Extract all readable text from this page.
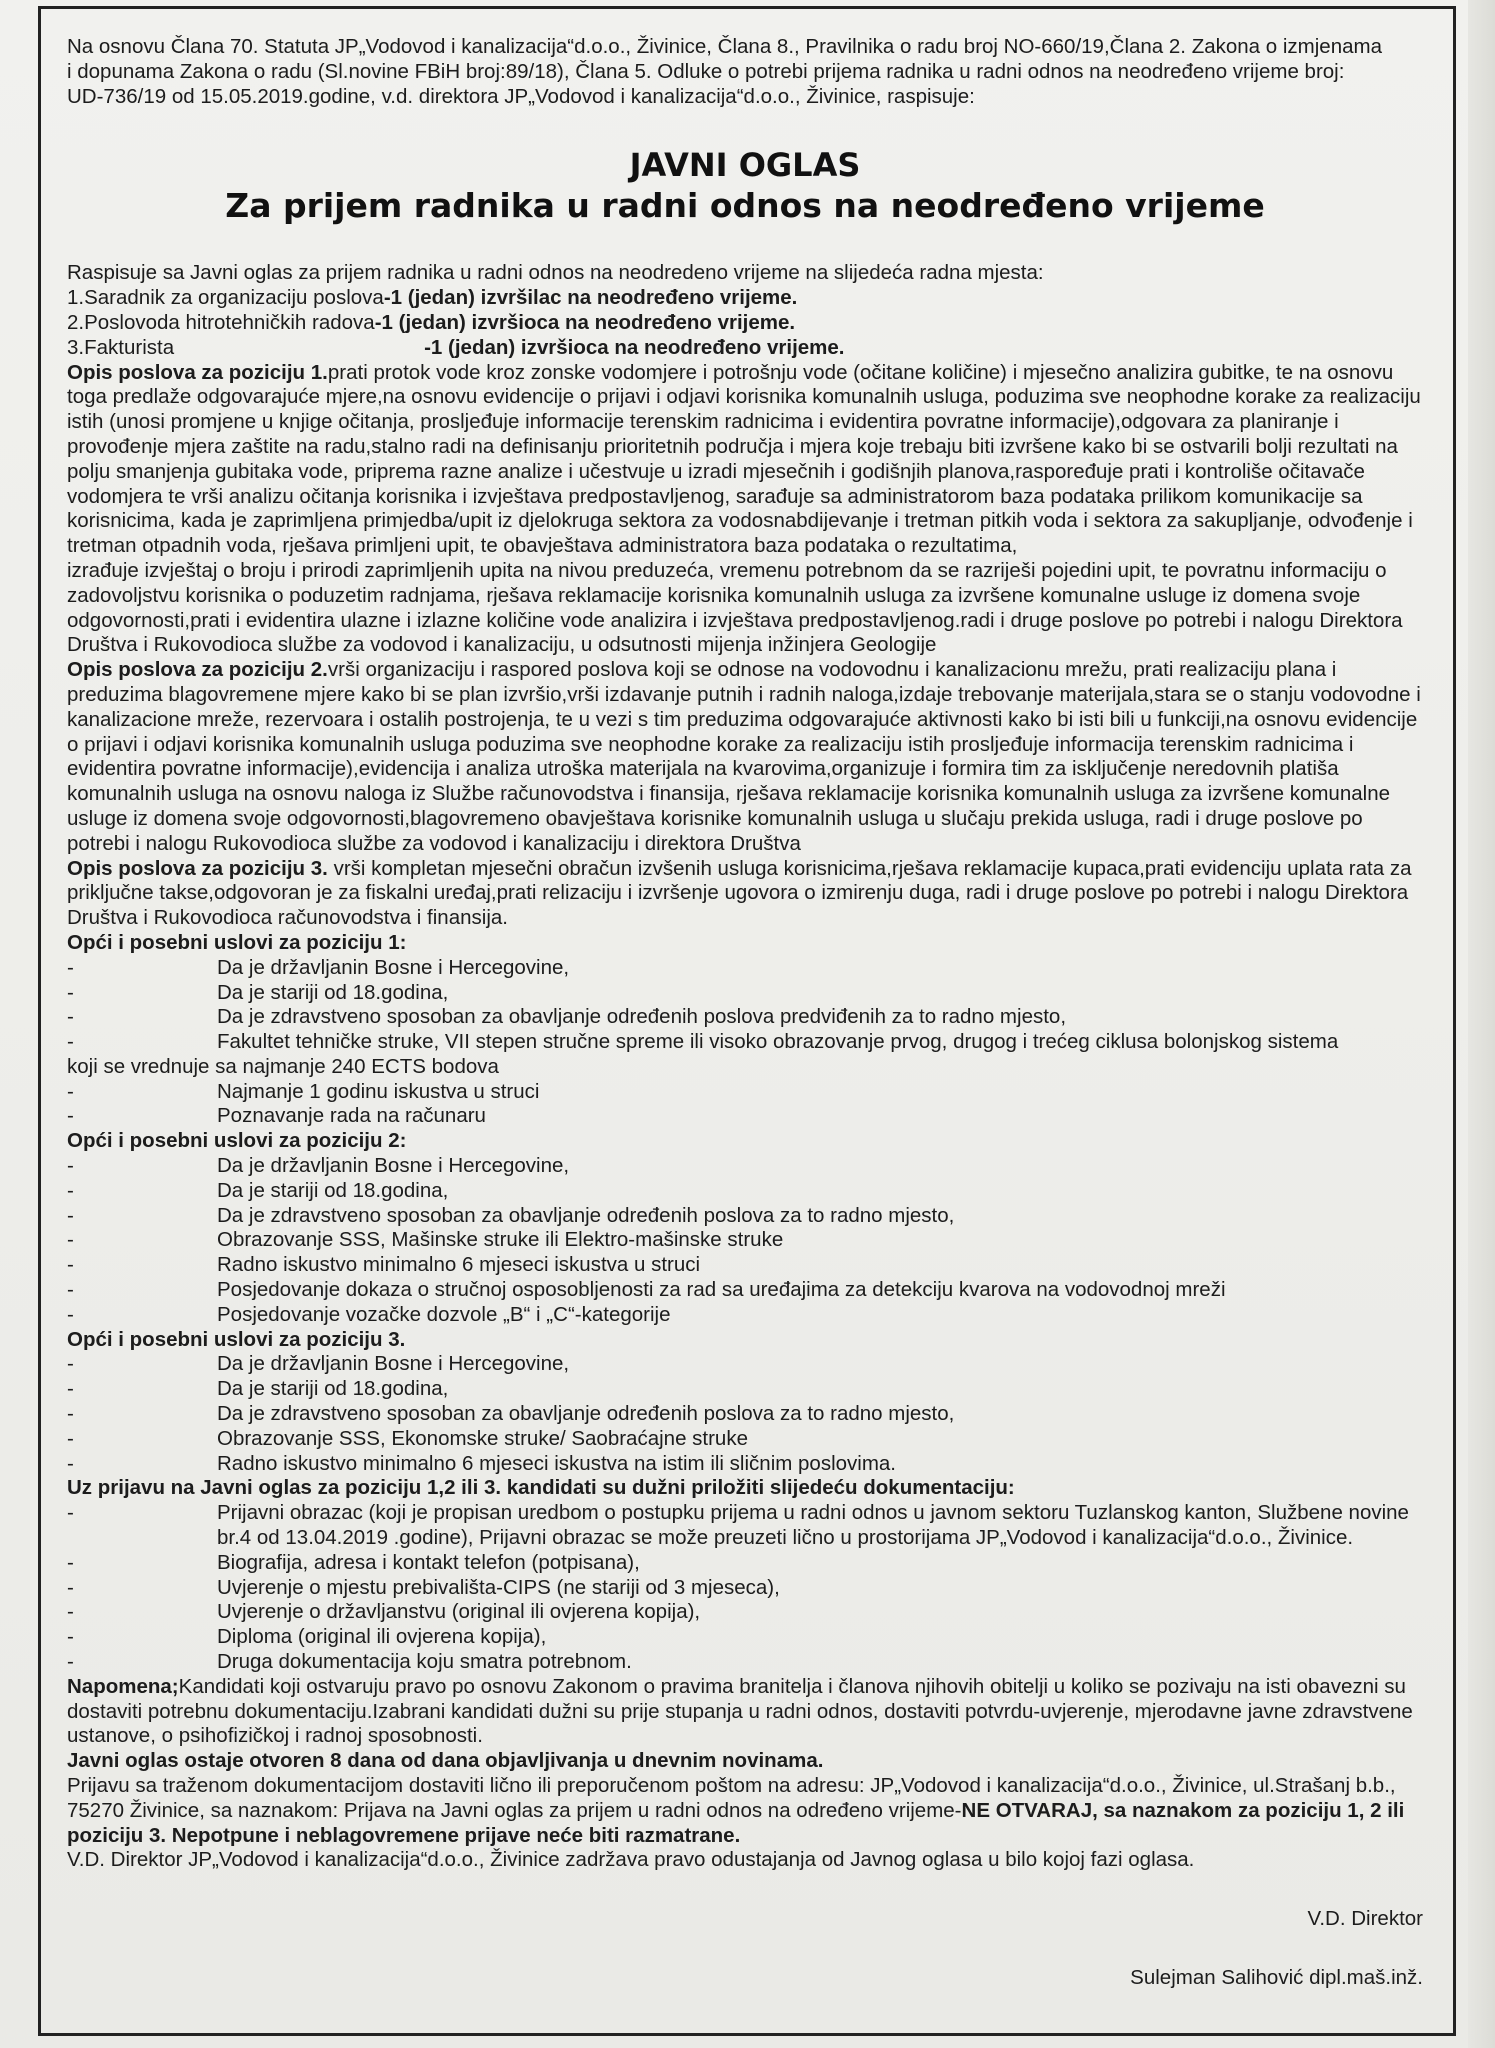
Na osnovu Člana 70. Statuta JP„Vodovod i kanalizacija“d.o.o., Živinice, Člana 8., Pravilnika o radu broj NO-660/19,Člana 2. Zakona o izmjenama i dopunama Zakona o radu (Sl.novine FBiH broj:89/18), Člana 5. Odluke o potrebi prijema radnika u radni odnos na neodređeno vrijeme broj: UD-736/19 od 15.05.2019.godine, v.d. direktora JP„Vodovod i kanalizacija“d.o.o., Živinice, raspisuje:

JAVNI OGLAS
Za prijem radnika u radni odnos na neodređeno vrijeme

Raspisuje sa Javni oglas za prijem radnika u radni odnos na neodredeno vrijeme na slijedeća radna mjesta:

1.Saradnik za organizaciju poslova -1 (jedan) izvršilac na neodređeno vrijeme.
2.Poslovoda hitrotehničkih radova -1 (jedan) izvršioca na neodređeno vrijeme.
3.Fakturista	-1 (jedan) izvršioca na neodređeno vrijeme.

Opis poslova za poziciju 1.prati protok vode kroz zonske vodomjere i potrošnju vode (očitane količine) i mjesečno analizira gubitke, te na osnovu toga predlaže odgovarajuće mjere,na osnovu evidencije o prijavi i odjavi korisnika komunalnih usluga, poduzima sve neophodne korake za realizaciju istih (unosi promjene u knjige očitanja, prosljeđuje informacije terenskim radnicima i evidentira povratne informacije),odgovara za planiranje i provođenje mjera zaštite na radu,stalno radi na definisanju prioritetnih područja i mjera koje trebaju biti izvršene kako bi se ostvarili bolji rezultati na polju smanjenja gubitaka vode, priprema razne analize i učestvuje u izradi mjesečnih i godišnjih planova,raspoređuje prati i kontroliše očitavače vodomjera te vrši analizu očitanja korisnika i izvještava predpostavljenog, sarađuje sa administratorom baza podataka prilikom komunikacije sa korisnicima, kada je zaprimljena primjedba/upit iz djelokruga sektora za vodosnabdijevanje i tretman pitkih voda i sektora za sakupljanje, odvođenje i tretman otpadnih voda, rješava primljeni upit, te obavještava administratora baza podataka o rezultatima,

izrađuje izvještaj o broju i prirodi zaprimljenih upita na nivou preduzeća, vremenu potrebnom da se razriješi pojedini upit, te povratnu informaciju o zadovoljstvu korisnika o poduzetim radnjama, rješava reklamacije korisnika komunalnih usluga za izvršene komunalne usluge iz domena svoje odgovornosti,prati i evidentira ulazne i izlazne količine vode analizira i izvještava predpostavljenog.radi i druge poslove po potrebi i nalogu Direktora Društva i Rukovodioca službe za vodovod i kanalizaciju, u odsutnosti mijenja inžinjera Geologije

Opis poslova za poziciju 2.vrši organizaciju i raspored poslova koji se odnose na vodovodnu i kanalizacionu mrežu, prati realizaciju plana i preduzima blagovremene mjere kako bi se plan izvršio,vrši izdavanje putnih i radnih naloga,izdaje trebovanje materijala,stara se o stanju vodovodne i kanalizacione mreže, rezervoara i ostalih postrojenja, te u vezi s tim preduzima odgovarajuće aktivnosti kako bi isti bili u funkciji,na osnovu evidencije o prijavi i odjavi korisnika komunalnih usluga poduzima sve neophodne korake za realizaciju istih prosljeđuje informacija terenskim radnicima i evidentira povratne informacije),evidencija i analiza utroška materijala na kvarovima,organizuje i formira tim za isključenje neredovnih platiša komunalnih usluga na osnovu naloga iz Službe računovodstva i finansija, rješava reklamacije korisnika komunalnih usluga za izvršene komunalne usluge iz domena svoje odgovornosti,blagovremeno obavještava korisnike komunalnih usluga u slučaju prekida usluga, radi i druge poslove po potrebi i nalogu Rukovodioca službe za vodovod i kanalizaciju i direktora Društva

Opis poslova za poziciju 3. vrši kompletan mjesečni obračun izvšenih usluga korisnicima,rješava reklamacije kupaca,prati evidenciju uplata rata za priključne takse,odgovoran je za fiskalni uređaj,prati relizaciju i izvršenje ugovora o izmirenju duga, radi i druge poslove po potrebi i nalogu Direktora Društva i Rukovodioca računovodstva i finansija.

Opći i posebni uslovi za poziciju 1:
-	Da je državljanin Bosne i Hercegovine,
-	Da je stariji od 18.godina,
-	Da je zdravstveno sposoban za obavljanje određenih poslova predviđenih za to radno mjesto,
-	Fakultet tehničke struke, VII stepen stručne spreme ili visoko obrazovanje prvog, drugog i trećeg ciklusa bolonjskog sistema
koji se vrednuje sa najmanje 240 ECTS bodova
-	Najmanje 1 godinu iskustva u struci
-	Poznavanje rada na računaru
Opći i posebni uslovi za poziciju 2:
-	Da je državljanin Bosne i Hercegovine,
-	Da je stariji od 18.godina,
-	Da je zdravstveno sposoban za obavljanje određenih poslova za to radno mjesto,
-	Obrazovanje SSS, Mašinske struke ili Elektro-mašinske struke
-	Radno iskustvo minimalno 6 mjeseci iskustva u struci
-	Posjedovanje dokaza o stručnoj osposobljenosti za rad sa uređajima za detekciju kvarova na vodovodnoj mreži
-	Posjedovanje vozačke dozvole „B“ i „C“-kategorije
Opći i posebni uslovi za poziciju 3.
-	Da je državljanin Bosne i Hercegovine,
-	Da je stariji od 18.godina,
-	Da je zdravstveno sposoban za obavljanje određenih poslova za to radno mjesto,
-	Obrazovanje SSS, Ekonomske struke/ Saobraćajne struke
-	Radno iskustvo minimalno 6 mjeseci iskustva na istim ili sličnim poslovima.
Uz prijavu na Javni oglas za poziciju 1,2 ili 3. kandidati su dužni priložiti slijedeću dokumentaciju:
-	Prijavni obrazac (koji je propisan uredbom o postupku prijema u radni odnos u javnom sektoru Tuzlanskog kanton, Službene novine br.4 od 13.04.2019 .godine), Prijavni obrazac se može preuzeti lično u prostorijama JP„Vodovod i kanalizacija“d.o.o., Živinice.
-	Biografija, adresa i kontakt telefon (potpisana),
-	Uvjerenje o mjestu prebivališta-CIPS (ne stariji od 3 mjeseca),
-	Uvjerenje o državljanstvu (original ili ovjerena kopija),
-	Diploma (original ili ovjerena kopija),
-	Druga dokumentacija koju smatra potrebnom.

Napomena;Kandidati koji ostvaruju pravo po osnovu Zakonom o pravima branitelja i članova njihovih obitelji u koliko se pozivaju na isti obavezni su dostaviti potrebnu dokumentaciju.Izabrani kandidati dužni su prije stupanja u radni odnos, dostaviti potvrdu-uvjerenje, mjerodavne javne zdravstvene ustanove, o psihofizičkoj i radnoj sposobnosti.

Javni oglas ostaje otvoren 8 dana od dana objavljivanja u dnevnim novinama.

Prijavu sa traženom dokumentacijom dostaviti lično ili preporučenom poštom na adresu: JP„Vodovod i kanalizacija“d.o.o., Živinice, ul.Strašanj b.b., 75270 Živinice, sa naznakom: Prijava na Javni oglas za prijem u radni odnos na određeno vrijeme-NE OTVARAJ, sa naznakom za poziciju 1, 2 ili poziciju 3. Nepotpune i neblagovremene prijave neće biti razmatrane.

V.D. Direktor JP„Vodovod i kanalizacija“d.o.o., Živinice zadržava pravo odustajanja od Javnog oglasa u bilo kojoj fazi oglasa.

V.D. Direktor
Sulejman Salihović dipl.maš.inž.
